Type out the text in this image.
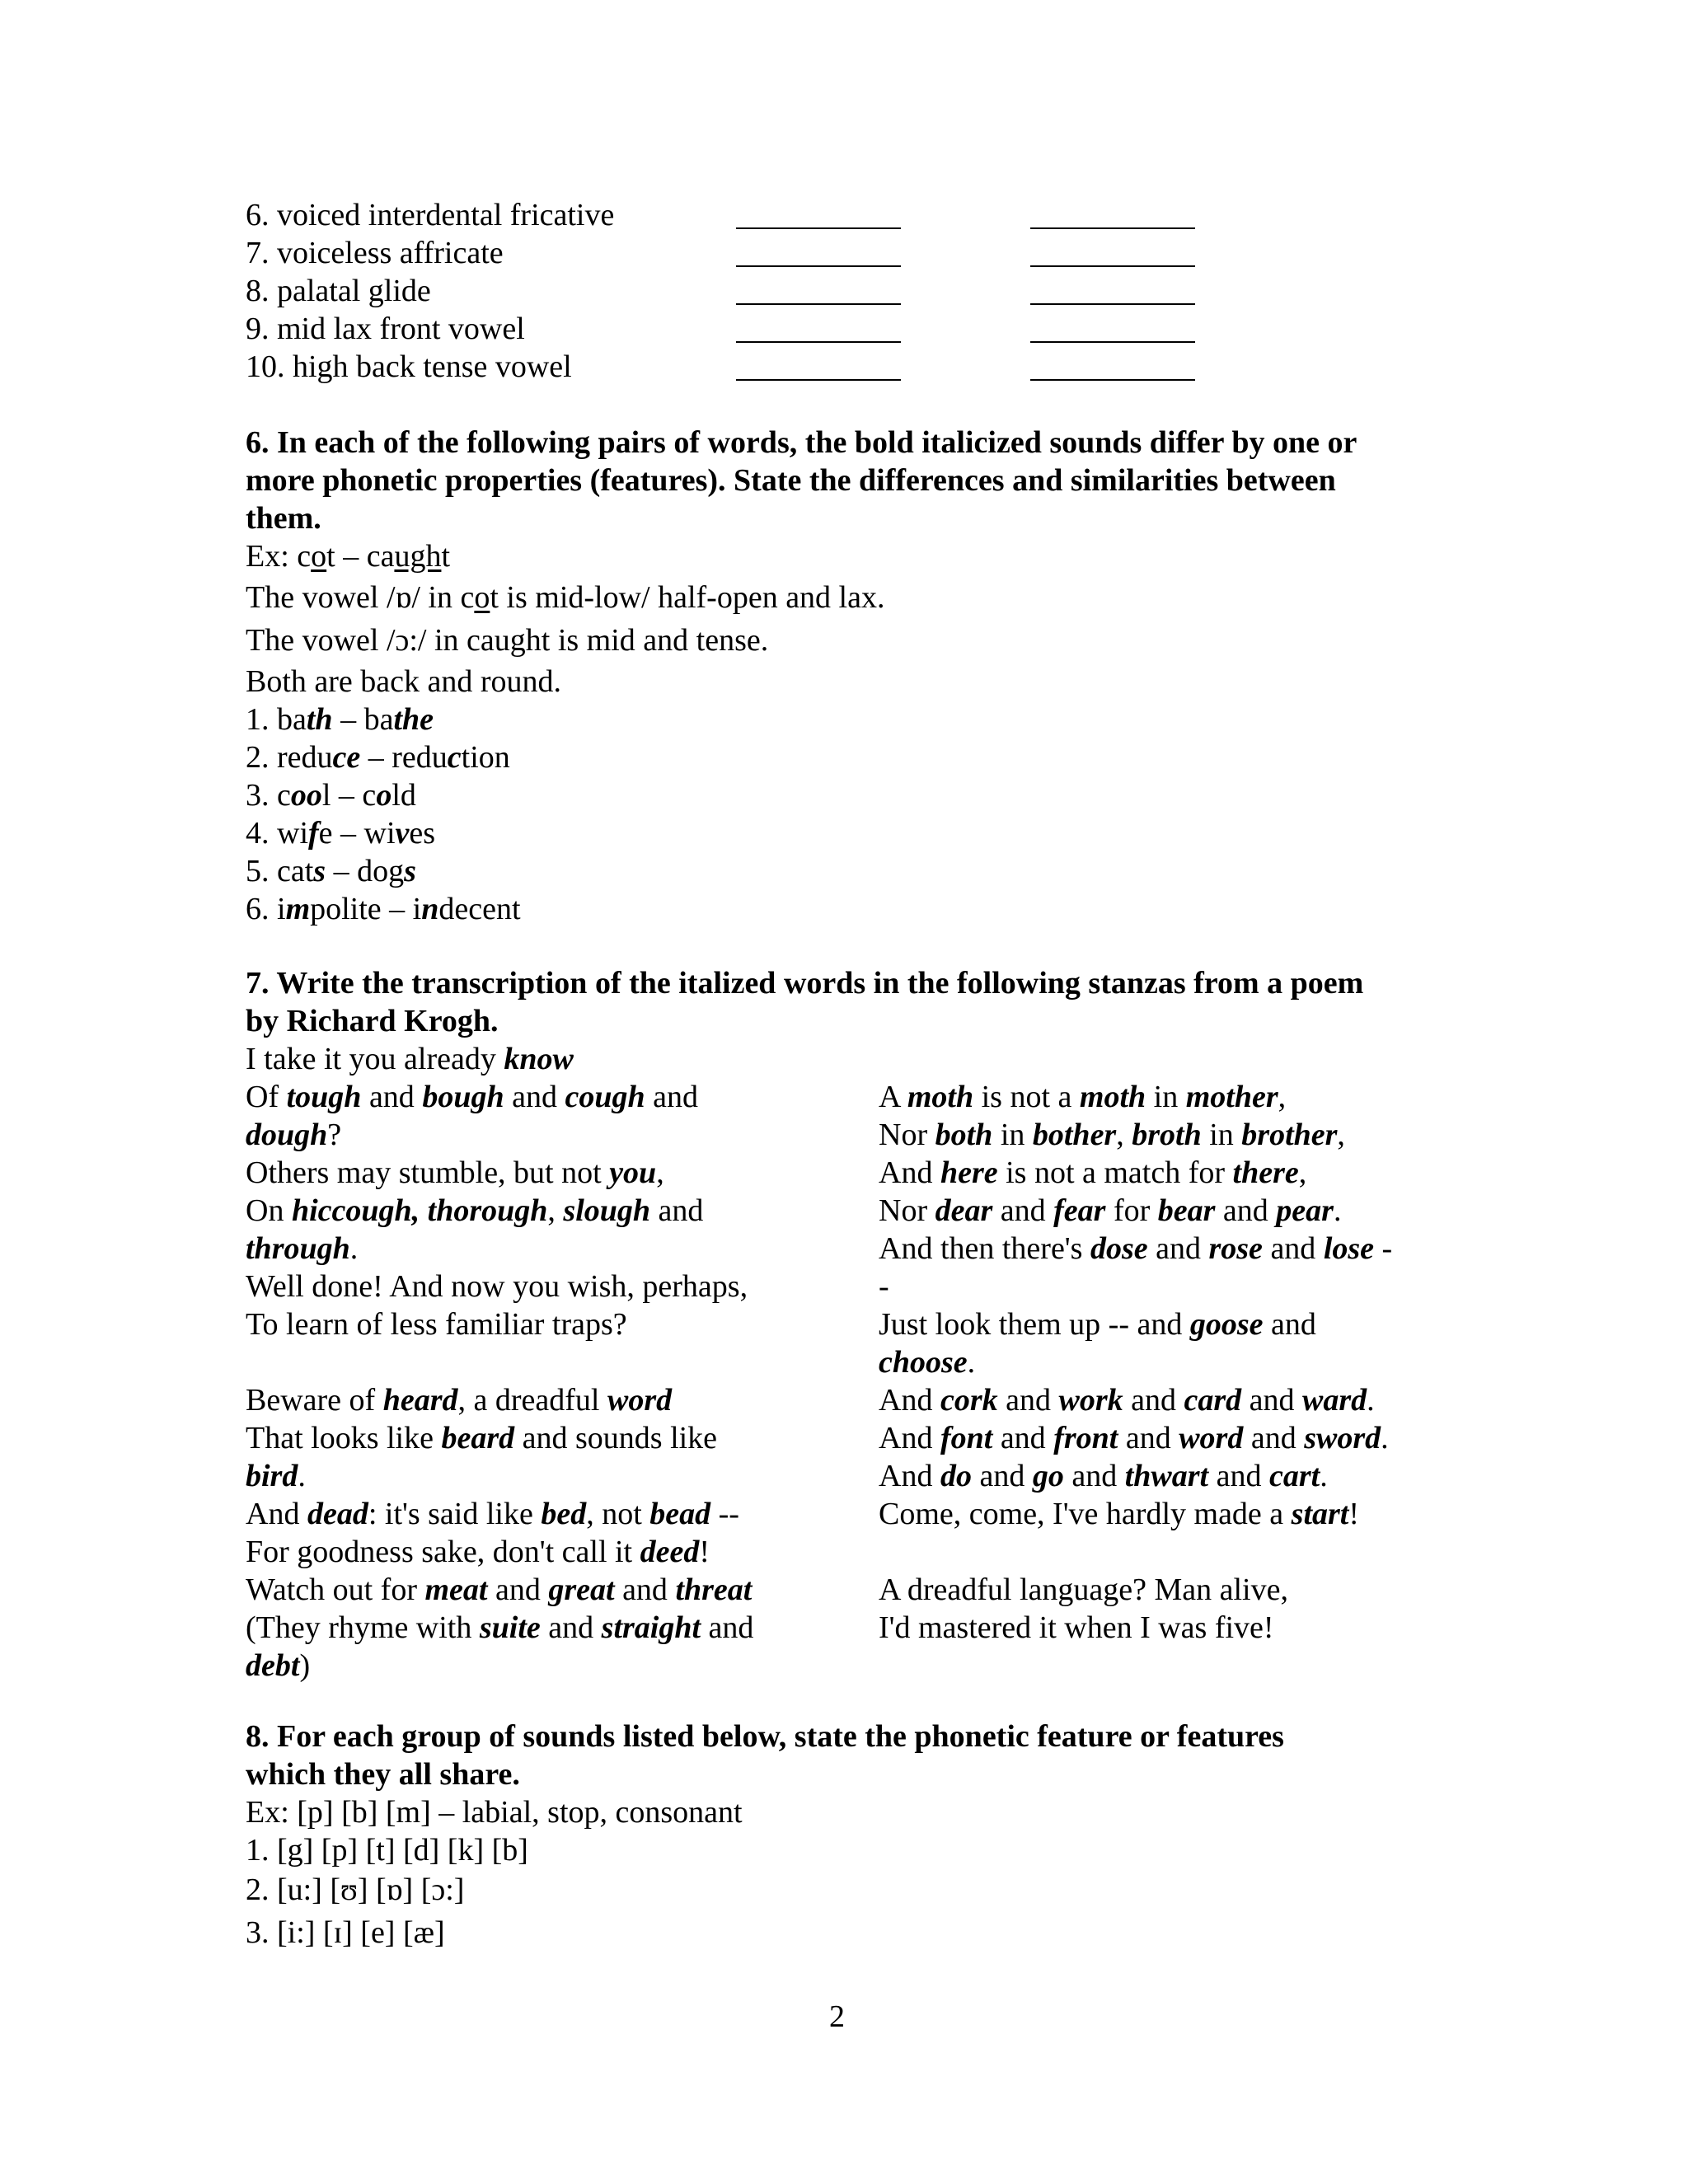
6. voiced interdental fricative
7. voiceless affricate
8. palatal glide
9. mid lax front vowel
10. high back tense vowel
6. In each of the following pairs of words, the bold italicized sounds differ by one or
more phonetic properties (features). State the differences and similarities between
them.
Ex: cot – caught
The vowel /ɒ/ in cot is mid-low/ half-open and lax.
The vowel /ɔ:/ in caught is mid and tense.
Both are back and round.
1. bath – bathe
2. reduce – reduction
3. cool – cold
4. wife – wives
5. cats – dogs
6. impolite – indecent
7. Write the transcription of the italized words in the following stanzas from a poem
by Richard Krogh.
I take it you already know
Of tough and bough and cough and
dough?
Others may stumble, but not you,
On hiccough, thorough, slough and
through.
Well done! And now you wish, perhaps,
To learn of less familiar traps?
Beware of heard, a dreadful word
That looks like beard and sounds like
bird.
And dead: it's said like bed, not bead --
For goodness sake, don't call it deed!
Watch out for meat and great and threat
(They rhyme with suite and straight and
debt)
A moth is not a moth in mother,
Nor both in bother, broth in brother,
And here is not a match for there,
Nor dear and fear for bear and pear.
And then there's dose and rose and lose -
-
Just look them up -- and goose and
choose.
And cork and work and card and ward.
And font and front and word and sword.
And do and go and thwart and cart.
Come, come, I've hardly made a start!
A dreadful language? Man alive,
I'd mastered it when I was five!
8. For each group of sounds listed below, state the phonetic feature or features
which they all share.
Ex: [p] [b] [m] – labial, stop, consonant
1. [g] [p] [t] [d] [k] [b]
2. [u:] [ʊ] [ɒ] [ɔ:]
3. [i:] [ɪ] [e] [æ]
2
